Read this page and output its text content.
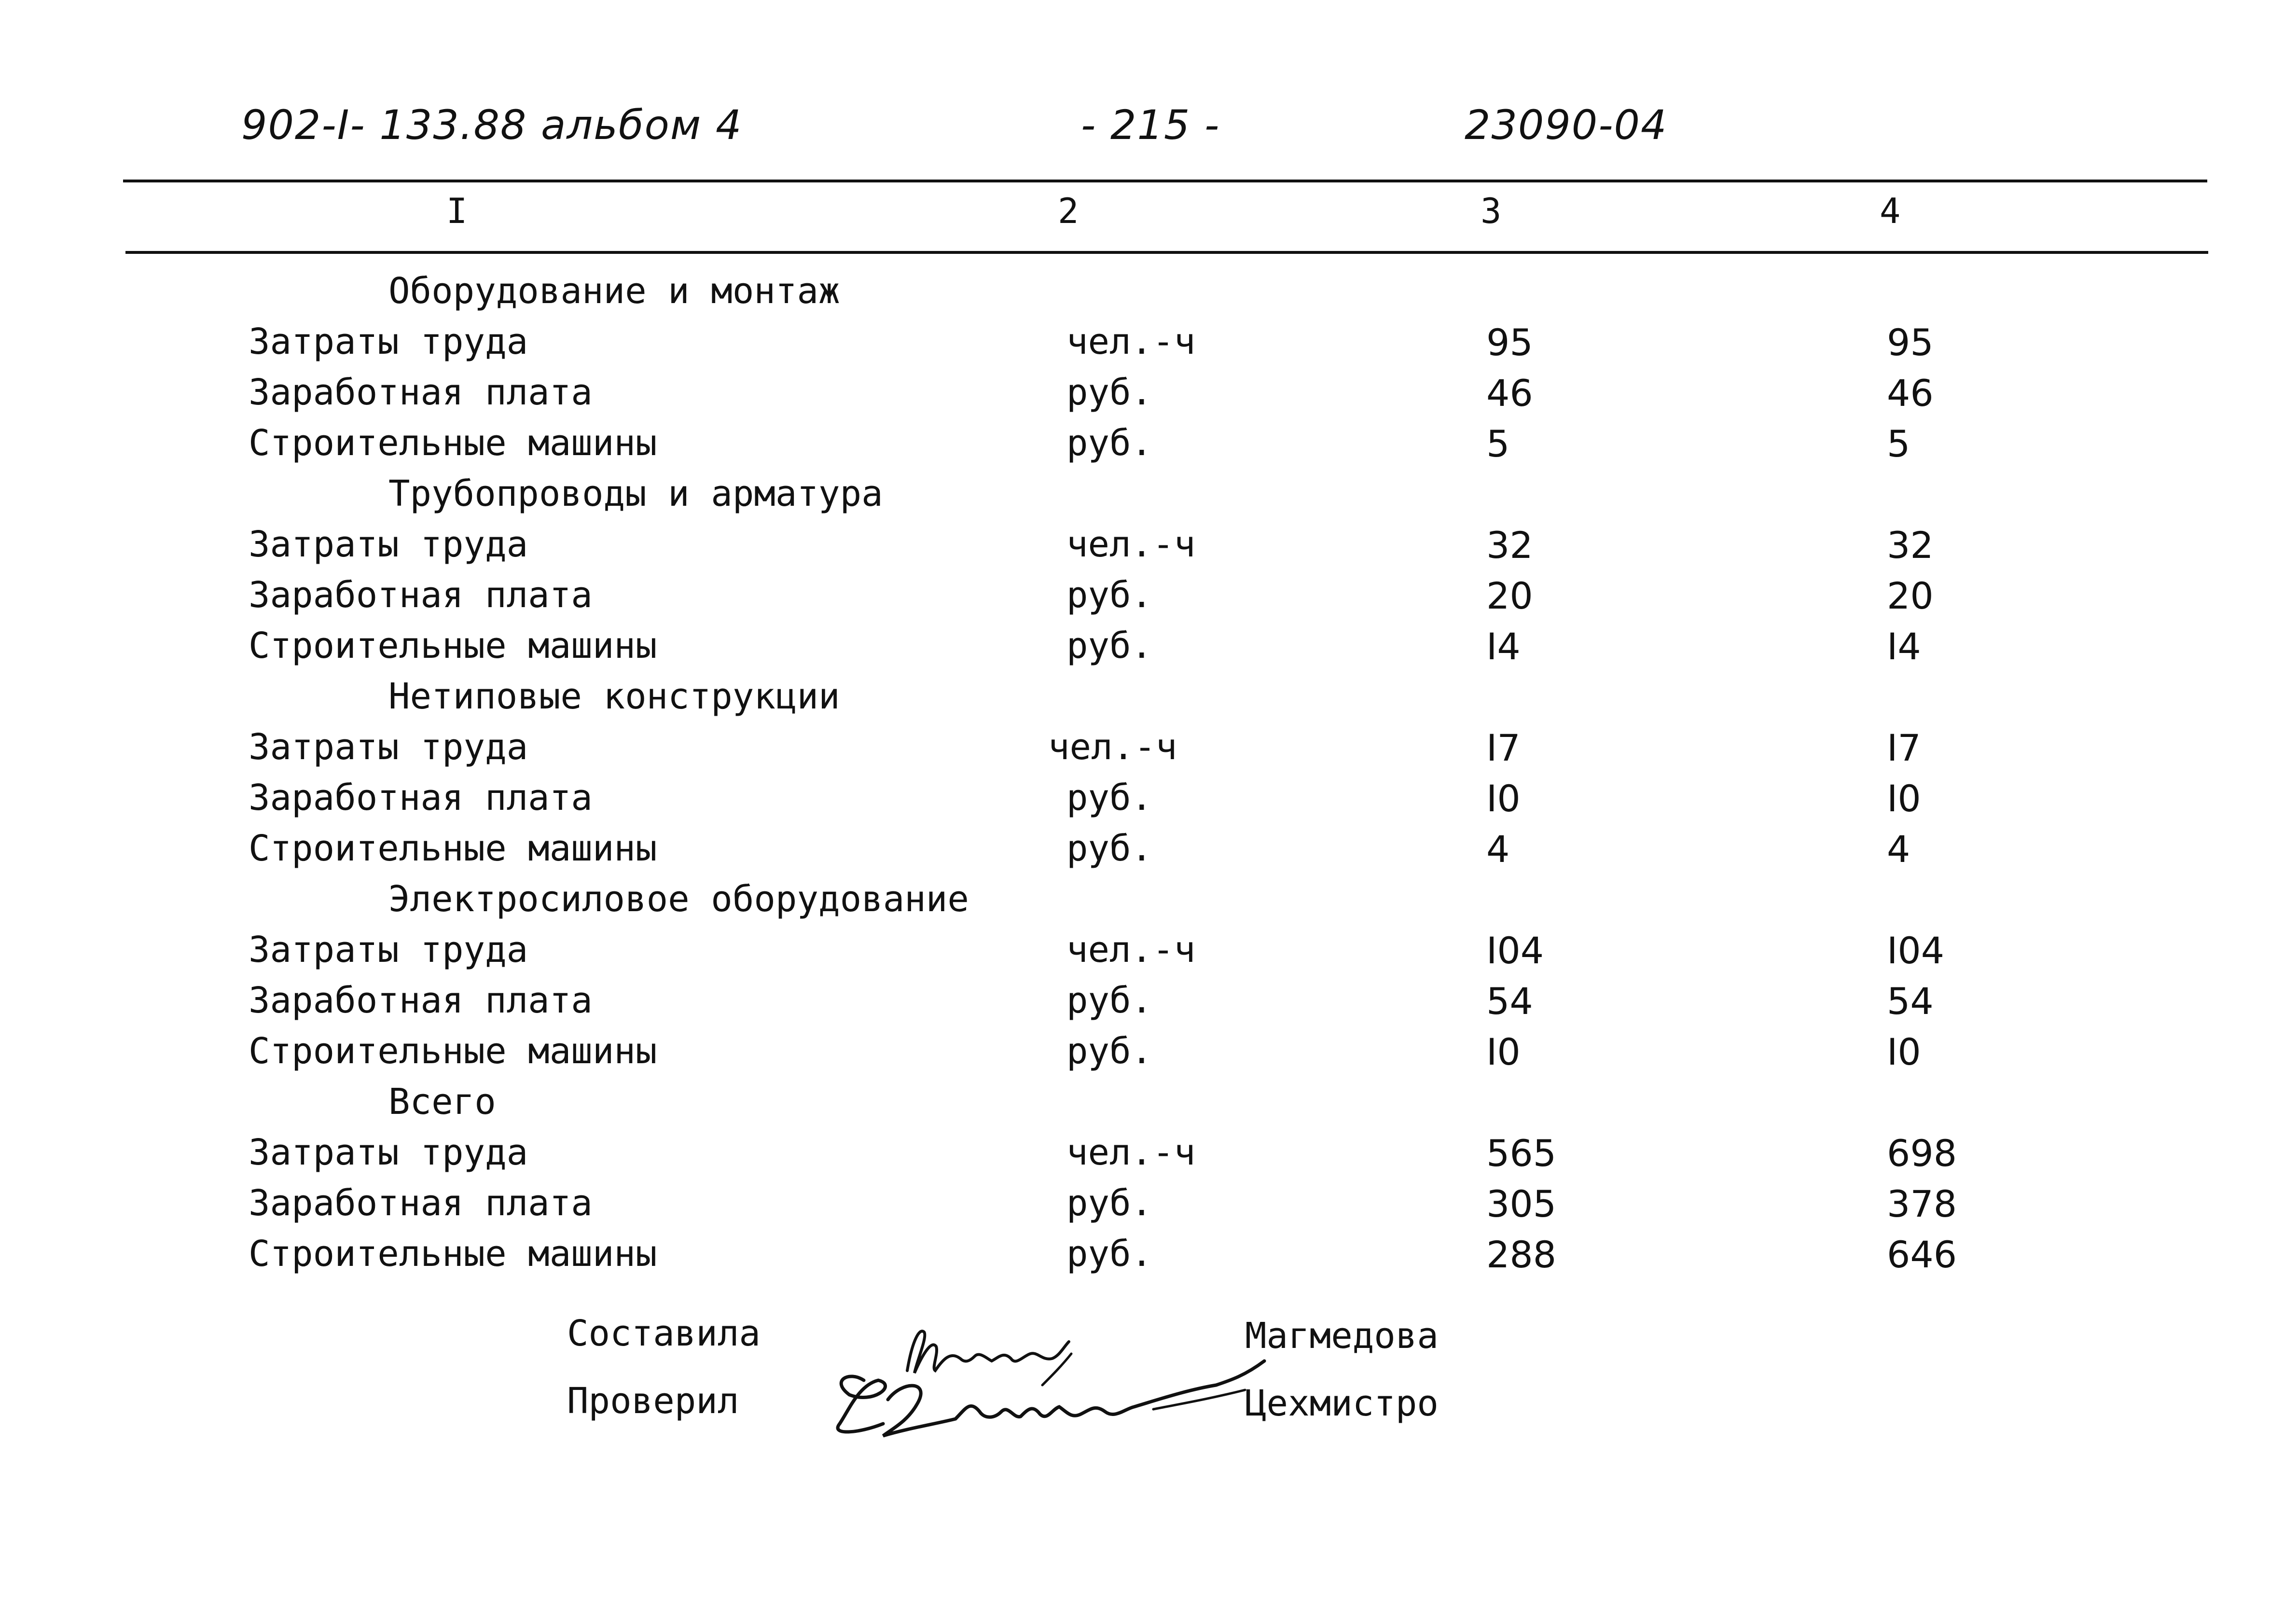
902-I- 133.88 альбом 4	- 215 -	23090-04
I	2	3	4
Оборудование и монтаж
Затраты труда	чел.-ч	95	95
Заработная плата	руб.	46	46
Строительные машины	руб.	5	5
Трубопроводы и арматура
Затраты труда	чел.-ч	32	32
Заработная плата	руб.	20	20
Строительные машины	руб.	I4	I4
Нетиповые конструкции
Затраты труда	чел.-ч	I7	I7
Заработная плата	руб.	I0	I0
Строительные машины	руб.	4	4
Электросиловое оборудование
Затраты труда	чел.-ч	I04	I04
Заработная плата	руб.	54	54
Строительные машины	руб.	I0	I0
Всего
Затраты труда	чел.-ч	565	698
Заработная плата	руб.	305	378
Строительные машины	руб.	288	646
Составила	Магмедова
Проверил	Цехмистро
